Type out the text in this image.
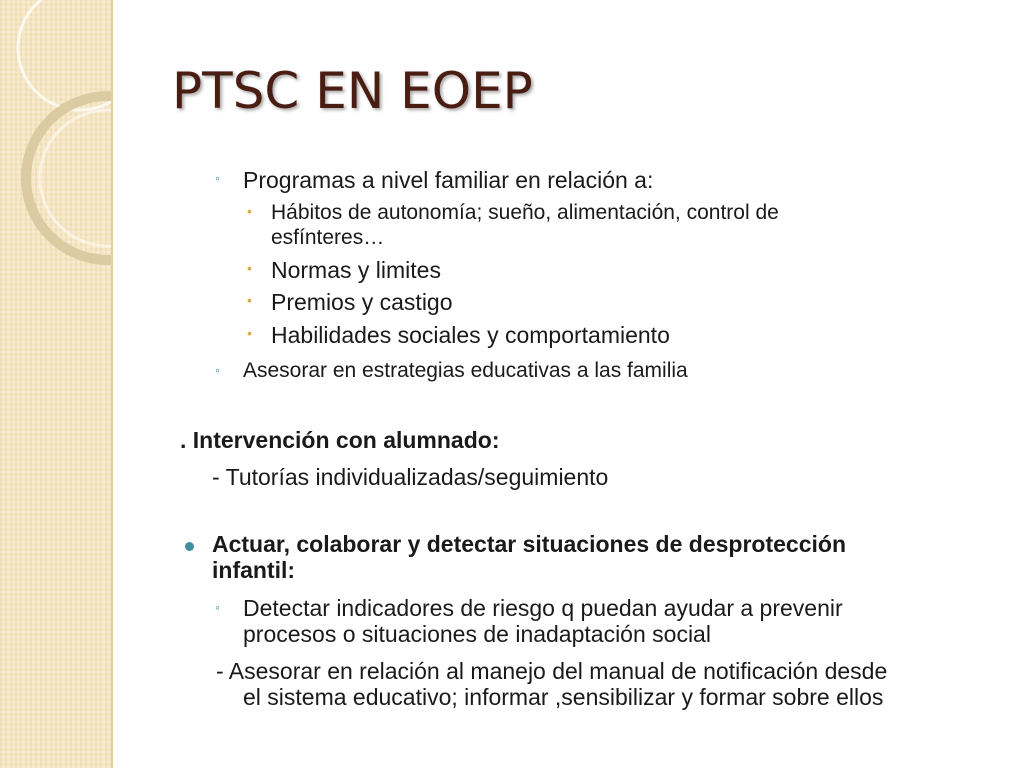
PTSC EN EOEP
◦ Programas a nivel familiar en relación a:
• Hábitos de autonomía; sueño, alimentación, control de
esfínteres…
• Normas y limites
• Premios y castigo
• Habilidades sociales y comportamiento
◦ Asesorar en estrategias educativas a las familia
. Intervención con alumnado:
- Tutorías individualizadas/seguimiento
Actuar, colaborar y detectar situaciones de desprotección
infantil:
◦ Detectar indicadores de riesgo q puedan ayudar a prevenir
procesos o situaciones de inadaptación social
- Asesorar en relación al manejo del manual de notificación desde
el sistema educativo; informar ,sensibilizar y formar sobre ellos
